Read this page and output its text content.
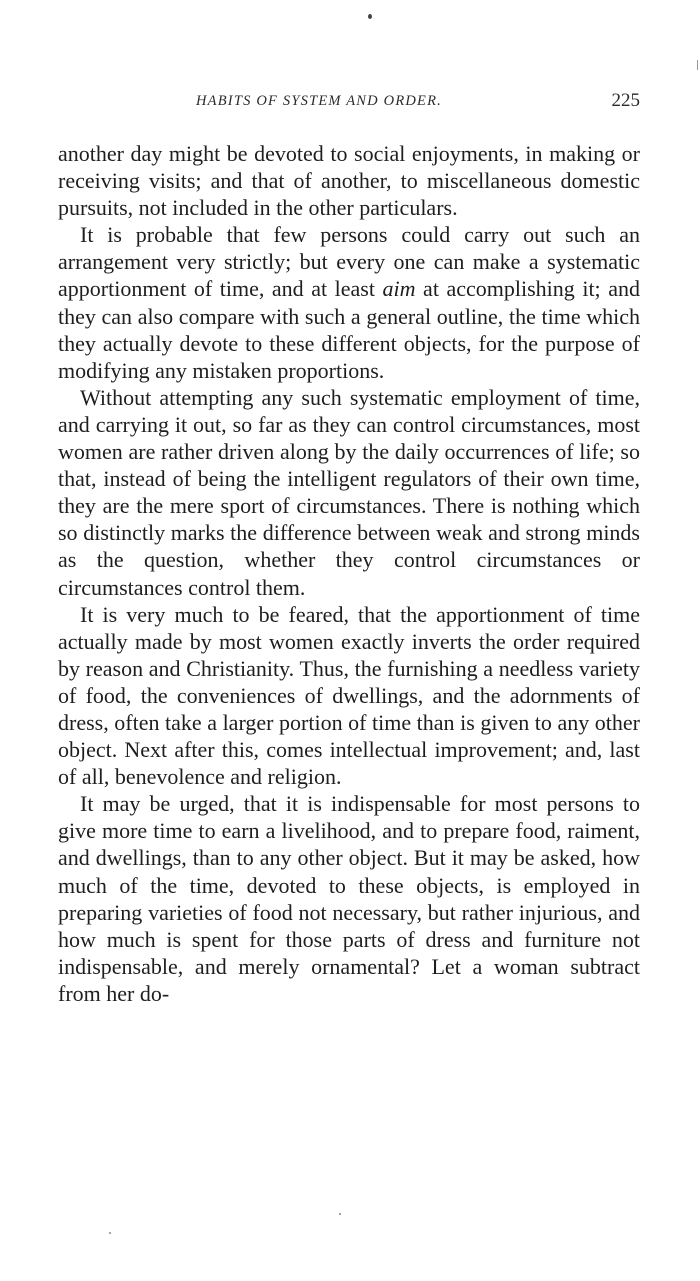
HABITS OF SYSTEM AND ORDER.	225

another day might be devoted to social enjoyments, in making or receiving visits; and that of another, to miscellaneous domestic pursuits, not included in the other particulars.

It is probable that few persons could carry out such an arrangement very strictly; but every one can make a systematic apportionment of time, and at least aim at accomplishing it; and they can also compare with such a general outline, the time which they actually devote to these different objects, for the purpose of modifying any mistaken proportions.

Without attempting any such systematic employment of time, and carrying it out, so far as they can control circumstances, most women are rather driven along by the daily occurrences of life; so that, instead of being the intelligent regulators of their own time, they are the mere sport of circumstances. There is nothing which so distinctly marks the difference between weak and strong minds as the question, whether they control circumstances or circumstances control them.

It is very much to be feared, that the apportionment of time actually made by most women exactly inverts the order required by reason and Christianity. Thus, the furnishing a needless variety of food, the conveniences of dwellings, and the adornments of dress, often take a larger portion of time than is given to any other object. Next after this, comes intellectual improvement; and, last of all, benevolence and religion.

It may be urged, that it is indispensable for most persons to give more time to earn a livelihood, and to prepare food, raiment, and dwellings, than to any other object. But it may be asked, how much of the time, devoted to these objects, is employed in preparing varieties of food not necessary, but rather injurious, and how much is spent for those parts of dress and furniture not indispensable, and merely ornamental? Let a woman subtract from her do-
